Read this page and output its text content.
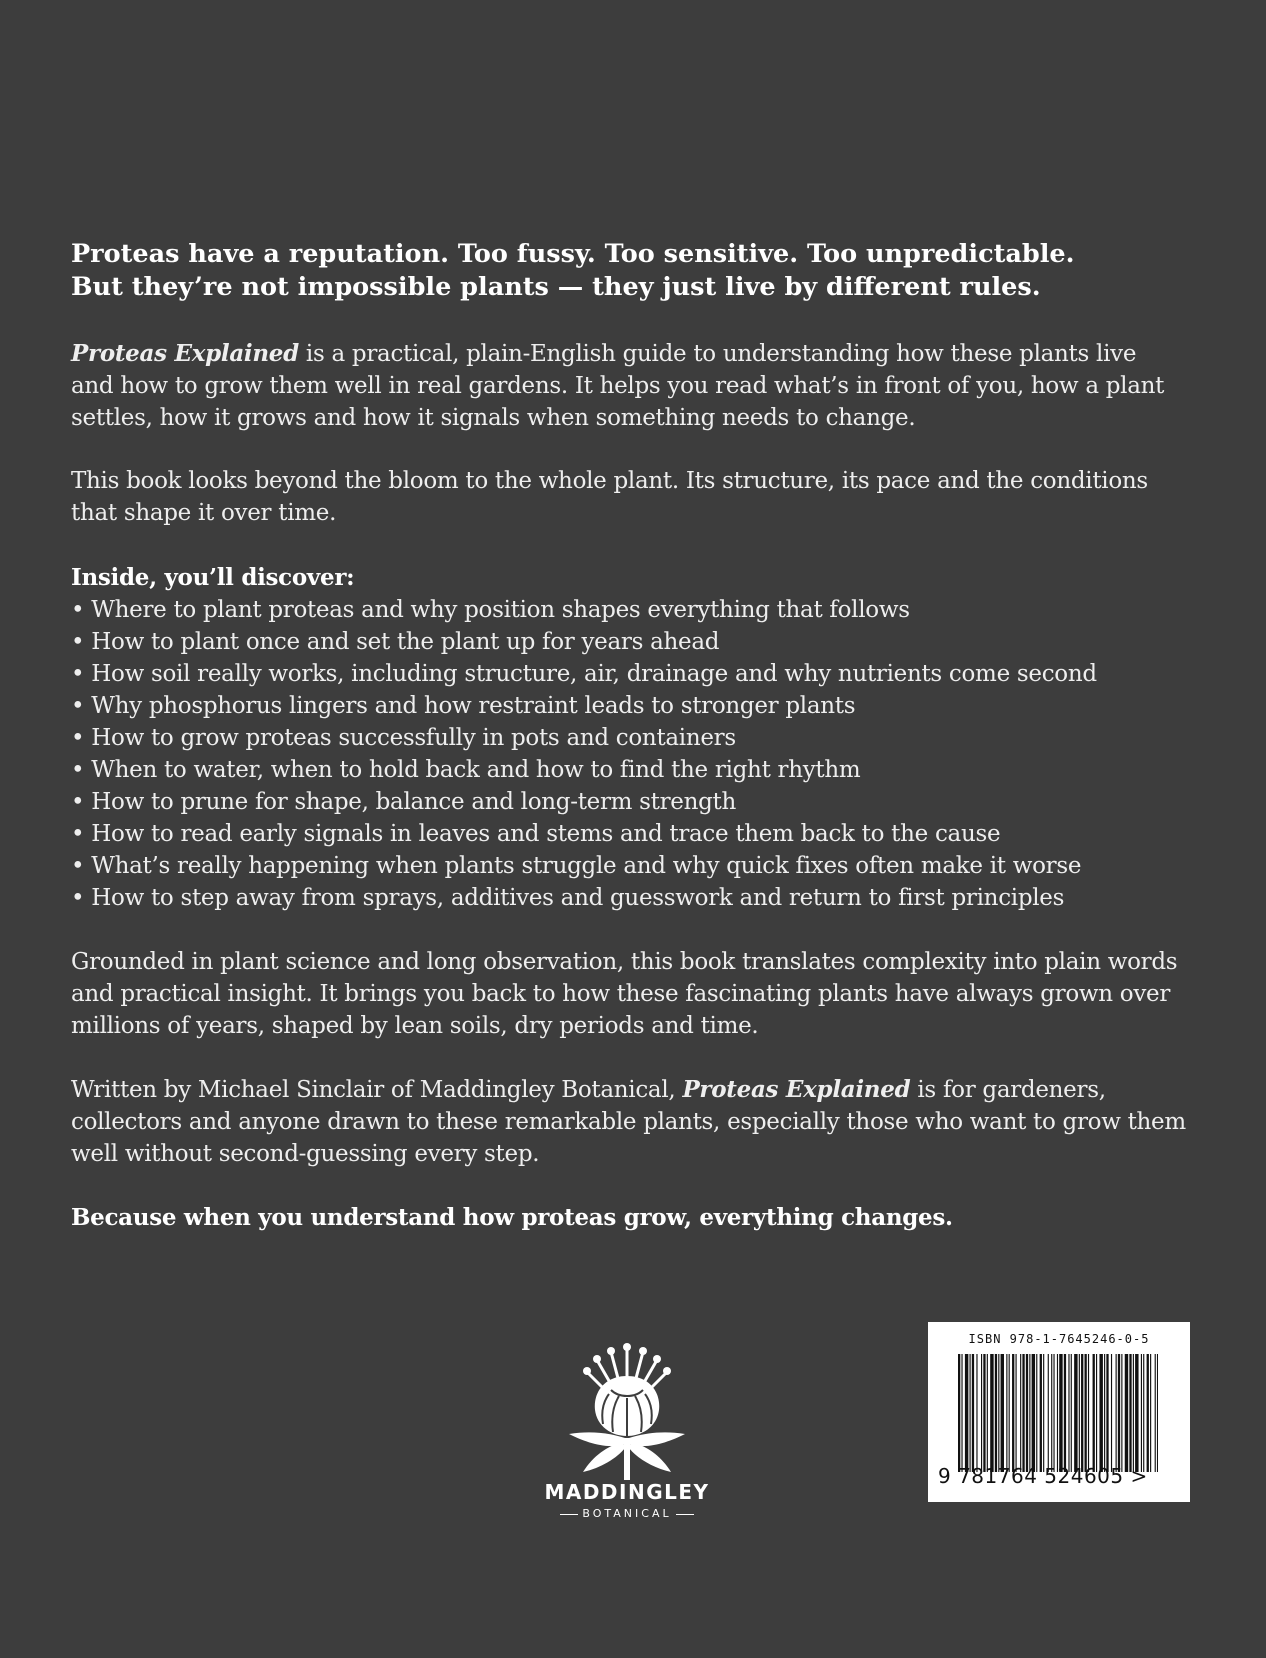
Proteas have a reputation. Too fussy. Too sensitive. Too unpredictable.
But they’re not impossible plants — they just live by different rules.

Proteas Explained is a practical, plain-English guide to understanding how these plants live
and how to grow them well in real gardens. It helps you read what’s in front of you, how a plant
settles, how it grows and how it signals when something needs to change.

This book looks beyond the bloom to the whole plant. Its structure, its pace and the conditions
that shape it over time.

Inside, you’ll discover:
• Where to plant proteas and why position shapes everything that follows
• How to plant once and set the plant up for years ahead
• How soil really works, including structure, air, drainage and why nutrients come second
• Why phosphorus lingers and how restraint leads to stronger plants
• How to grow proteas successfully in pots and containers
• When to water, when to hold back and how to find the right rhythm
• How to prune for shape, balance and long-term strength
• How to read early signals in leaves and stems and trace them back to the cause
• What’s really happening when plants struggle and why quick fixes often make it worse
• How to step away from sprays, additives and guesswork and return to first principles

Grounded in plant science and long observation, this book translates complexity into plain words
and practical insight. It brings you back to how these fascinating plants have always grown over
millions of years, shaped by lean soils, dry periods and time.

Written by Michael Sinclair of Maddingley Botanical, Proteas Explained is for gardeners,
collectors and anyone drawn to these remarkable plants, especially those who want to grow them
well without second-guessing every step.

Because when you understand how proteas grow, everything changes.

MADDINGLEY
BOTANICAL
ISBN 978-1-7645246-0-5
9 781764 524605 >
